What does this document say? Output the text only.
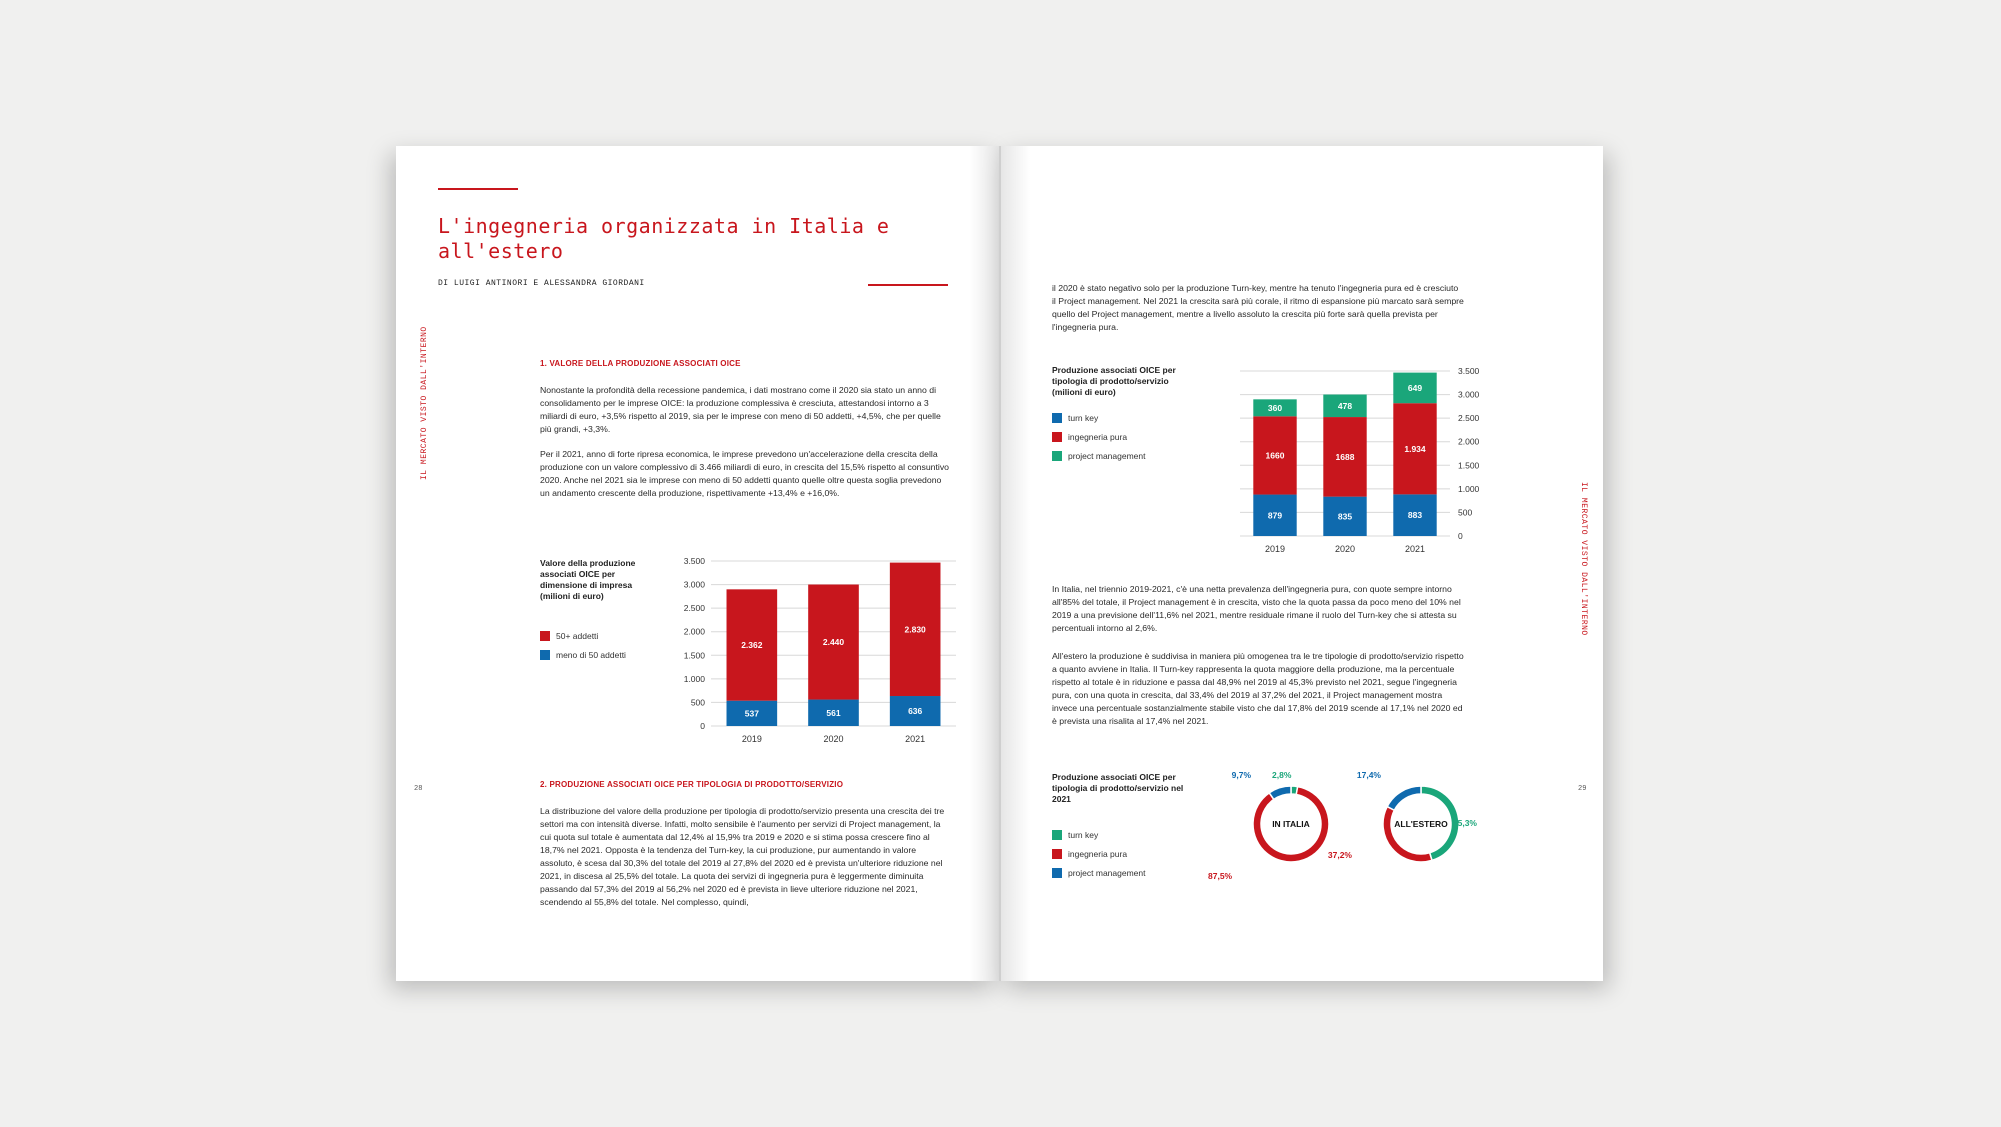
L'ingegneria organizzata in Italia e all'estero
DI LUIGI ANTINORI E ALESSANDRA GIORDANI
IL MERCATO VISTO DALL'INTERNO
28
1. VALORE DELLA PRODUZIONE ASSOCIATI OICE

Nonostante la profondità della recessione pandemica, i dati mostrano come il 2020 sia stato un anno di consolidamento per le imprese OICE: la produzione complessiva è cresciuta, attestandosi intorno a 3 miliardi di euro, +3,5% rispetto al 2019, sia per le imprese con meno di 50 addetti, +4,5%, che per quelle più grandi, +3,3%.

Per il 2021, anno di forte ripresa economica, le imprese prevedono un'accelerazione della crescita della produzione con un valore complessivo di 3.466 miliardi di euro, in crescita del 15,5% rispetto al consuntivo 2020. Anche nel 2021 sia le imprese con meno di 50 addetti quanto quelle oltre questa soglia prevedono un andamento crescente della produzione, rispettivamente +13,4% e +16,0%.

Valore della produzione associati OICE per dimensione di impresa (milioni di euro)
50+ addetti
meno di 50 addetti
0
500
1.000
1.500
2.000
2.500
3.000
3.500
537
2.362
2019
561
2.440
2020
636
2.830
2021
2. PRODUZIONE ASSOCIATI OICE PER TIPOLOGIA DI PRODOTTO/SERVIZIO

La distribuzione del valore della produzione per tipologia di prodotto/servizio presenta una crescita dei tre settori ma con intensità diverse. Infatti, molto sensibile è l'aumento per servizi di Project management, la cui quota sul totale è aumentata dal 12,4% al 15,9% tra 2019 e 2020 e si stima possa crescere fino al 18,7% nel 2021. Opposta è la tendenza del Turn-key, la cui produzione, pur aumentando in valore assoluto, è scesa dal 30,3% del totale del 2019 al 27,8% del 2020 ed è prevista un'ulteriore riduzione nel 2021, in discesa al 25,5% del totale. La quota dei servizi di ingegneria pura è leggermente diminuita passando dal 57,3% del 2019 al 56,2% nel 2020 ed è prevista in lieve ulteriore riduzione nel 2021, scendendo al 55,8% del totale. Nel complesso, quindi,

il 2020 è stato negativo solo per la produzione Turn-key, mentre ha tenuto l'ingegneria pura ed è cresciuto il Project management. Nel 2021 la crescita sarà più corale, il ritmo di espansione più marcato sarà sempre quello del Project management, mentre a livello assoluto la crescita più forte sarà quella prevista per l'ingegneria pura.

Produzione associati OICE per tipologia di prodotto/servizio (milioni di euro)
turn key
ingegneria pura
project management
0
500
1.000
1.500
2.000
2.500
3.000
3.500
879
1660
360
2019
835
1688
478
2020
883
1.934
649
2021

In Italia, nel triennio 2019-2021, c'è una netta prevalenza dell'ingegneria pura, con quote sempre intorno all'85% del totale, il Project management è in crescita, visto che la quota passa da poco meno del 10% nel 2019 a una previsione dell'11,6% nel 2021, mentre residuale rimane il ruolo del Turn-key che si attesta su percentuali intorno al 2,6%.

All'estero la produzione è suddivisa in maniera più omogenea tra le tre tipologie di prodotto/servizio rispetto a quanto avviene in Italia. Il Turn-key rappresenta la quota maggiore della produzione, ma la percentuale rispetto al totale è in riduzione e passa dal 48,9% nel 2019 al 45,3% previsto nel 2021, segue l'ingegneria pura, con una quota in crescita, dal 33,4% del 2019 al 37,2% del 2021, il Project management mostra invece una percentuale sostanzialmente stabile visto che dal 17,8% del 2019 scende al 17,1% nel 2020 ed è prevista una risalita al 17,4% nel 2021.

Produzione associati OICE per tipologia di prodotto/servizio nel 2021
turn key
ingegneria pura
project management
2,8%
87,5%
9,7%
IN ITALIA	45,3%
37,2%
17,4%
ALL'ESTERO
IL MERCATO VISTO DALL'INTERNO
29
